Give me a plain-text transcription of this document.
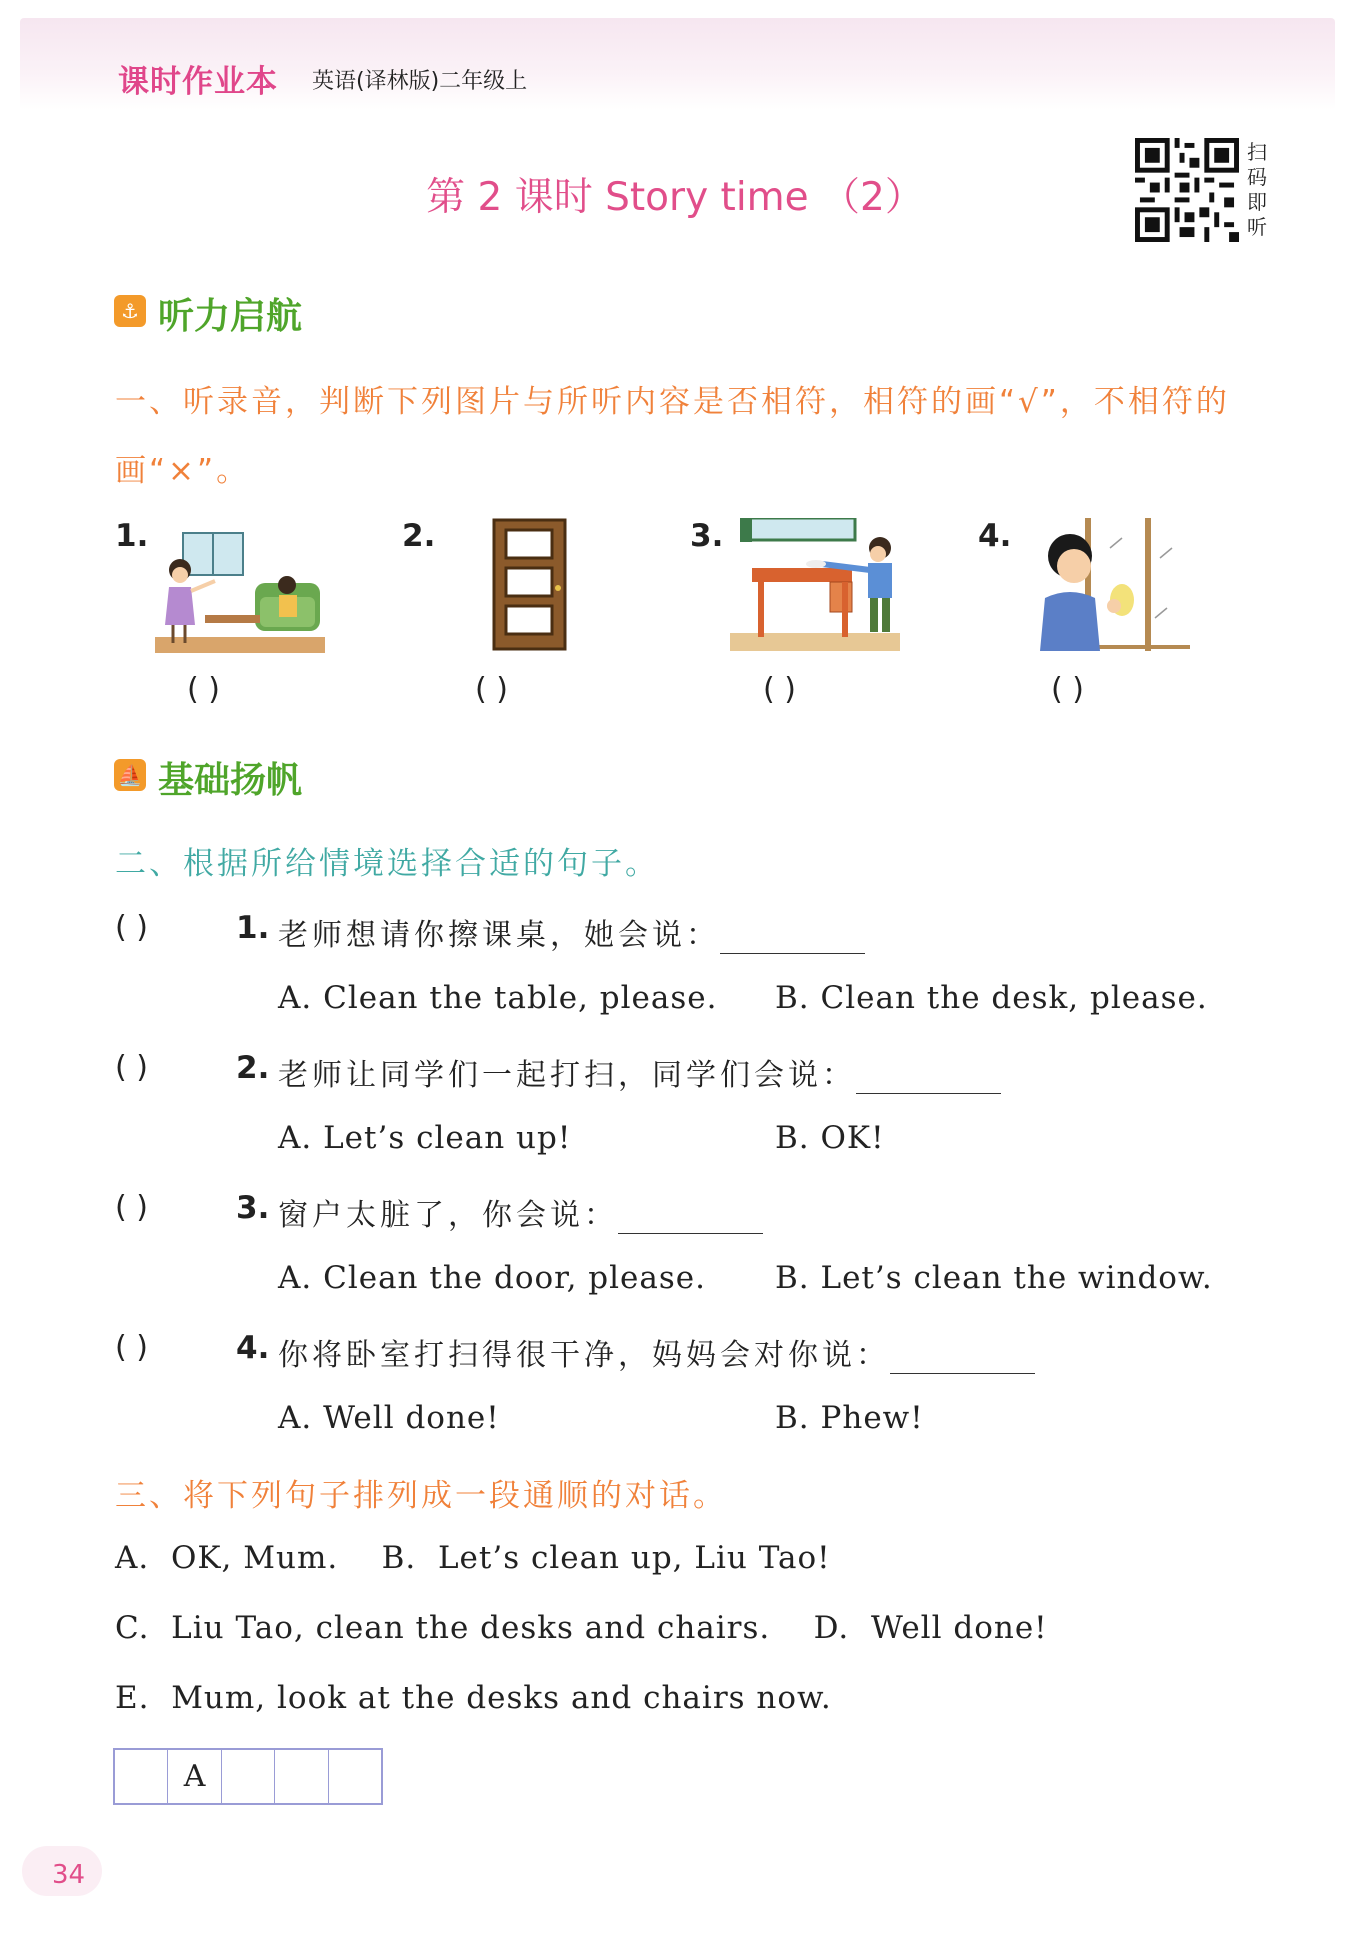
课时作业本 英语(译林版)二年级上
第 2 课时 Story time （2）
扫
码
即
听
⚓ 听力启航
一、听录音，判断下列图片与所听内容是否相符，相符的画“√”，不相符的
画“×”。
1.	2.	3.	4.
( )	( )	( )	( )
⛵ 基础扬帆
二、根据所给情境选择合适的句子。
( )	1. 老师想请你擦课桌，她会说：
A. Clean the table, please. B. Clean the desk, please.
( )	2. 老师让同学们一起打扫，同学们会说：
A. Let’s clean up!	B. OK!
( )	3. 窗户太脏了，你会说：
A. Clean the door, please. B. Let’s clean the window.
( )	4. 你将卧室打扫得很干净，妈妈会对你说：
A. Well done!	B. Phew!
三、将下列句子排列成一段通顺的对话。
A.  OK, Mum.    B.  Let’s clean up, Liu Tao!
C.  Liu Tao, clean the desks and chairs.    D.  Well done!
E.  Mum, look at the desks and chairs now.
A
34
